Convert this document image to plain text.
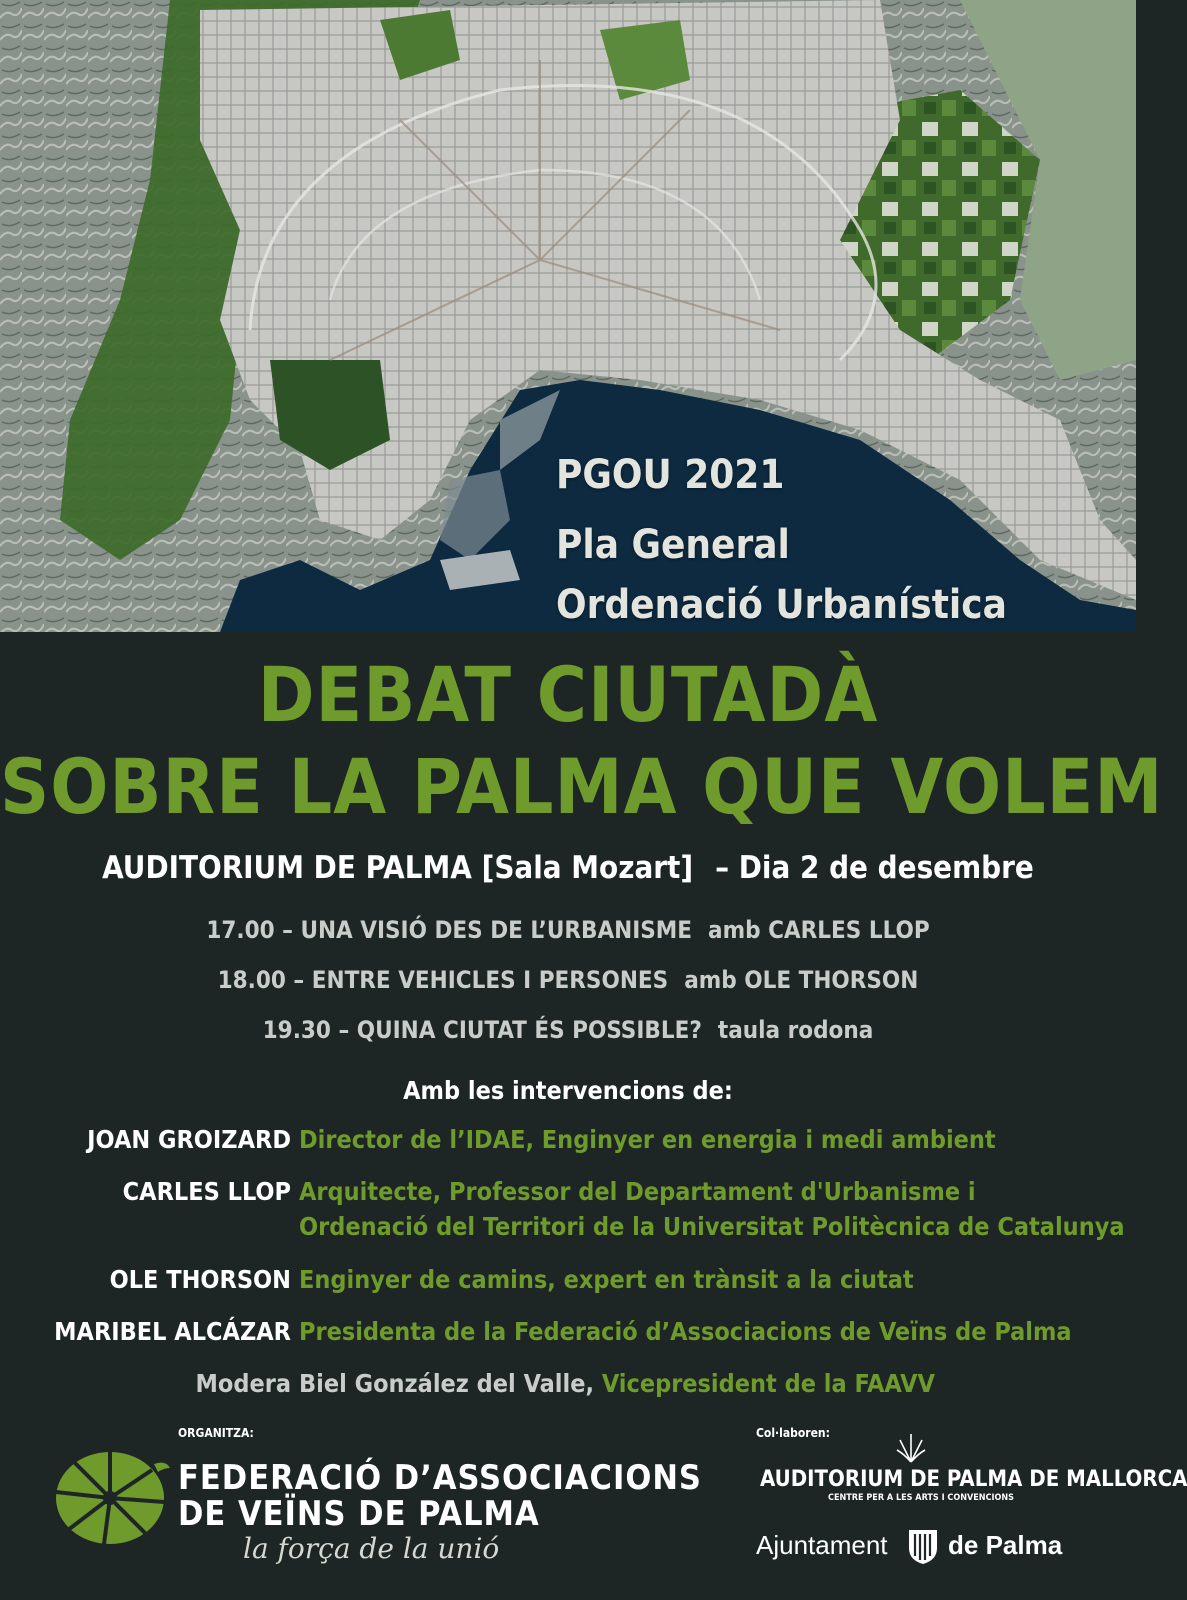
PGOU 2021
Pla General
Ordenació Urbanística
DEBAT CIUTADÀ
SOBRE LA PALMA QUE VOLEM
AUDITORIUM DE PALMA [Sala Mozart] – Dia 2 de desembre
17.00 – UNA VISIÓ DES DE L’URBANISME amb CARLES LLOP
18.00 – ENTRE VEHICLES I PERSONES amb OLE THORSON
19.30 – QUINA CIUTAT ÉS POSSIBLE? taula rodona
Amb les intervencions de:
JOAN GROIZARD Director de l’IDAE, Enginyer en energia i medi ambient
CARLES LLOP Arquitecte, Professor del Departament d'Urbanisme i
Ordenació del Territori de la Universitat Politècnica de Catalunya
OLE THORSON Enginyer de camins, expert en trànsit a la ciutat
MARIBEL ALCÁZAR Presidenta de la Federació d’Associacions de Veïns de Palma
Modera Biel González del Valle, Vicepresident de la FAAVV
ORGANITZA:	Col·laboren:
FEDERACIÓ D’ASSOCIACIONS
DE VEÏNS DE PALMA
la força de la unió
AUDITORIUM DE PALMA DE MALLORCA
CENTRE PER A LES ARTS I CONVENCIONS
Ajuntament de Palma
